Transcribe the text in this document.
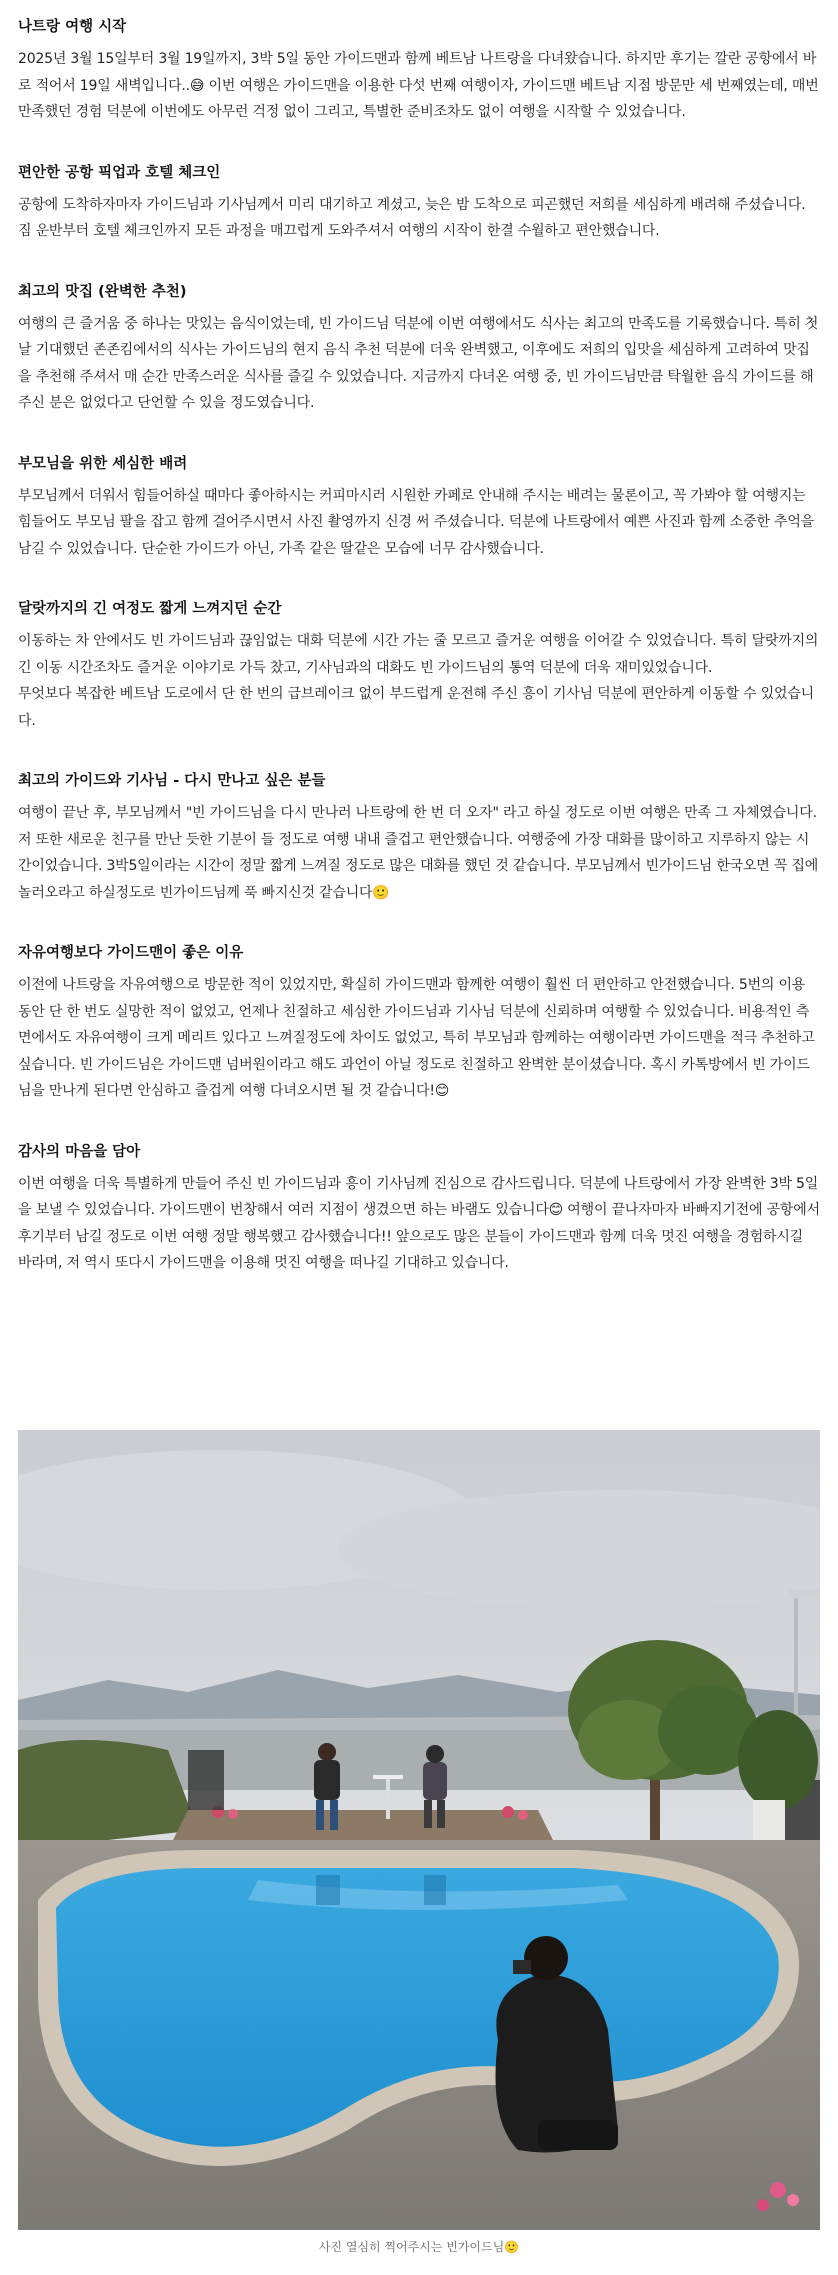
나트랑 여행 시작

2025년 3월 15일부터 3월 19일까지, 3박 5일 동안 가이드맨과 함께 베트남 나트랑을 다녀왔습니다. 하지만 후기는 깔란 공항에서 바로 적어서 19일 새벽입니다..😅 이번 여행은 가이드맨을 이용한 다섯 번째 여행이자, 가이드맨 베트남 지점 방문만 세 번째였는데, 매번 만족했던 경험 덕분에 이번에도 아무런 걱정 없이 그리고, 특별한 준비조차도 없이 여행을 시작할 수 있었습니다.

편안한 공항 픽업과 호텔 체크인

공항에 도착하자마자 가이드님과 기사님께서 미리 대기하고 계셨고, 늦은 밤 도착으로 피곤했던 저희를 세심하게 배려해 주셨습니다.

짐 운반부터 호텔 체크인까지 모든 과정을 매끄럽게 도와주셔서 여행의 시작이 한결 수월하고 편안했습니다.

최고의 맛집 (완벽한 추천)

여행의 큰 즐거움 중 하나는 맛있는 음식이었는데, 빈 가이드님 덕분에 이번 여행에서도 식사는 최고의 만족도를 기록했습니다. 특히 첫날 기대했던 존존킴에서의 식사는 가이드님의 현지 음식 추천 덕분에 더욱 완벽했고, 이후에도 저희의 입맛을 세심하게 고려하여 맛집을 추천해 주셔서 매 순간 만족스러운 식사를 즐길 수 있었습니다. 지금까지 다녀온 여행 중, 빈 가이드님만큼 탁월한 음식 가이드를 해주신 분은 없었다고 단언할 수 있을 정도였습니다.

부모님을 위한 세심한 배려

부모님께서 더워서 힘들어하실 때마다 좋아하시는 커피마시러 시원한 카페로 안내해 주시는 배려는 물론이고, 꼭 가봐야 할 여행지는 힘들어도 부모님 팔을 잡고 함께 걸어주시면서 사진 촬영까지 신경 써 주셨습니다. 덕분에 나트랑에서 예쁜 사진과 함께 소중한 추억을 남길 수 있었습니다. 단순한 가이드가 아닌, 가족 같은 딸같은 모습에 너무 감사했습니다.

달랏까지의 긴 여정도 짧게 느껴지던 순간

이동하는 차 안에서도 빈 가이드님과 끊임없는 대화 덕분에 시간 가는 줄 모르고 즐거운 여행을 이어갈 수 있었습니다. 특히 달랏까지의 긴 이동 시간조차도 즐거운 이야기로 가득 찼고, 기사님과의 대화도 빈 가이드님의 통역 덕분에 더욱 재미있었습니다.

무엇보다 복잡한 베트남 도로에서 단 한 번의 급브레이크 없이 부드럽게 운전해 주신 흥이 기사님 덕분에 편안하게 이동할 수 있었습니다.

최고의 가이드와 기사님 - 다시 만나고 싶은 분들

여행이 끝난 후, 부모님께서 "빈 가이드님을 다시 만나러 나트랑에 한 번 더 오자" 라고 하실 정도로 이번 여행은 만족 그 자체였습니다.

저 또한 새로운 친구를 만난 듯한 기분이 들 정도로 여행 내내 즐겁고 편안했습니다. 여행중에 가장 대화를 많이하고 지루하지 않는 시간이었습니다. 3박5일이라는 시간이 정말 짧게 느껴질 정도로 많은 대화를 했던 것 같습니다. 부모님께서 빈가이드님 한국오면 꼭 집에 놀러오라고 하실정도로 빈가이드님께 푹 빠지신것 같습니다🙂

자유여행보다 가이드맨이 좋은 이유

이전에 나트랑을 자유여행으로 방문한 적이 있었지만, 확실히 가이드맨과 함께한 여행이 훨씬 더 편안하고 안전했습니다. 5번의 이용 동안 단 한 번도 실망한 적이 없었고, 언제나 친절하고 세심한 가이드님과 기사님 덕분에 신뢰하며 여행할 수 있었습니다. 비용적인 측면에서도 자유여행이 크게 메리트 있다고 느껴질정도에 차이도 없었고, 특히 부모님과 함께하는 여행이라면 가이드맨을 적극 추천하고 싶습니다. 빈 가이드님은 가이드맨 넘버원이라고 해도 과언이 아닐 정도로 친절하고 완벽한 분이셨습니다. 혹시 카톡방에서 빈 가이드님을 만나게 된다면 안심하고 즐겁게 여행 다녀오시면 될 것 같습니다!😊

감사의 마음을 담아

이번 여행을 더욱 특별하게 만들어 주신 빈 가이드님과 흥이 기사님께 진심으로 감사드립니다. 덕분에 나트랑에서 가장 완벽한 3박 5일을 보낼 수 있었습니다. 가이드맨이 번창해서 여러 지점이 생겼으면 하는 바램도 있습니다😊 여행이 끝나자마자 바빠지기전에 공항에서 후기부터 남길 정도로 이번 여행 정말 행복했고 감사했습니다!! 앞으로도 많은 분들이 가이드맨과 함께 더욱 멋진 여행을 경험하시길 바라며, 저 역시 또다시 가이드맨을 이용해 멋진 여행을 떠나길 기대하고 있습니다.

사진 열심히 찍어주시는 빈가이드님🙂
